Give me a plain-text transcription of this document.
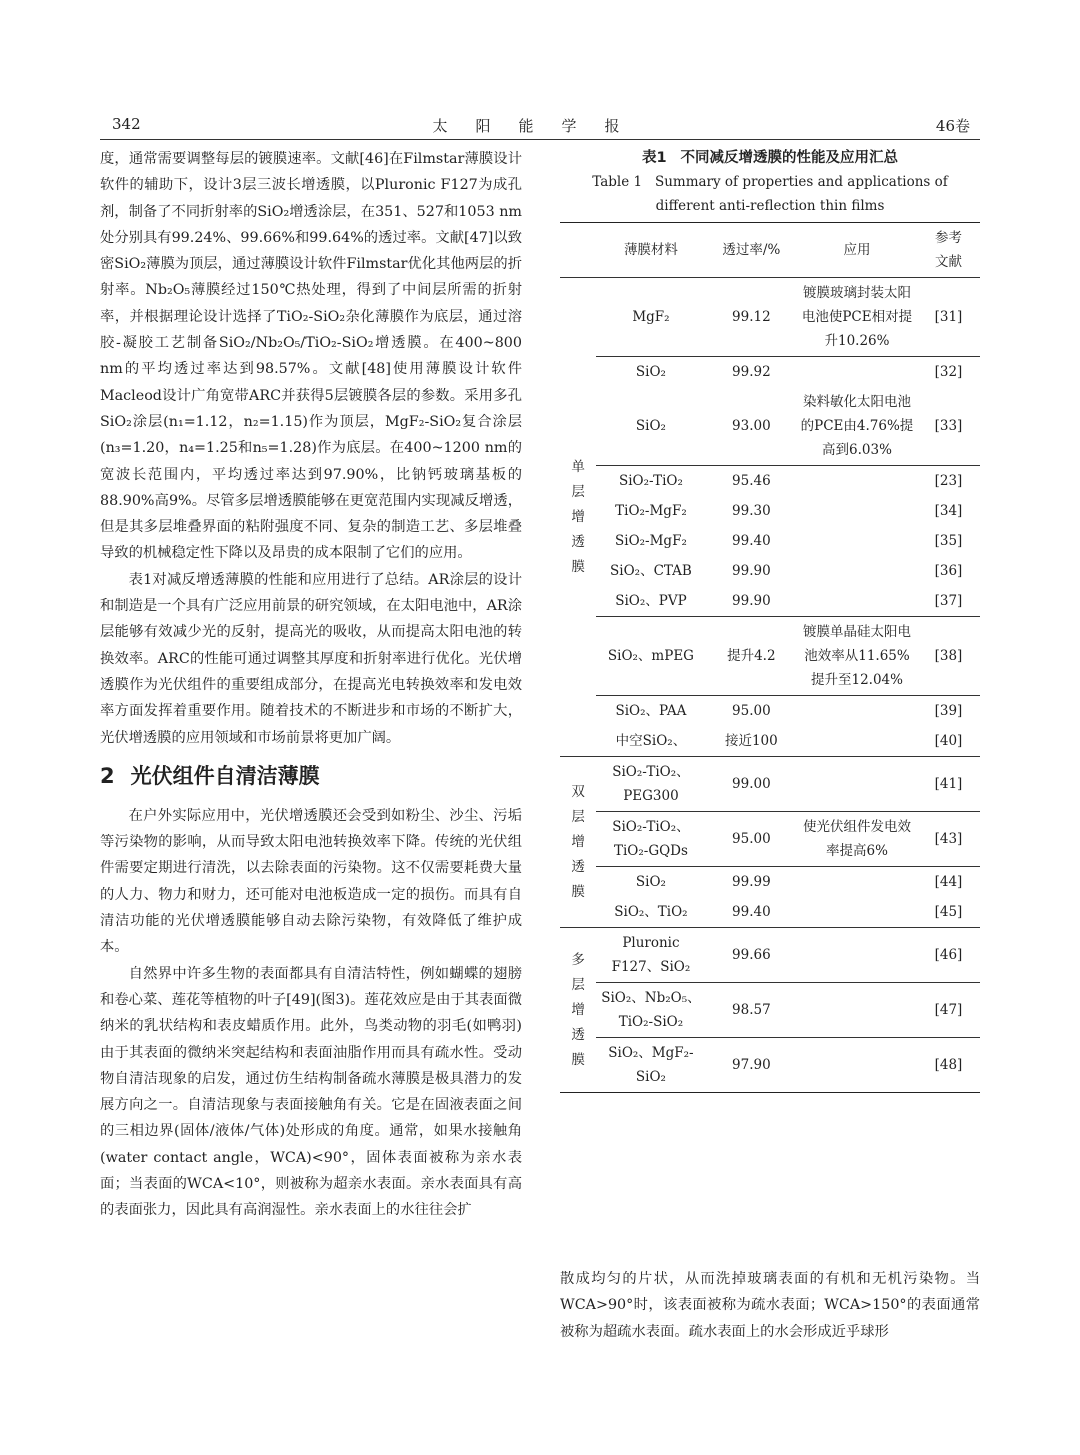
342	太阳能学报	46卷

度，通常需要调整每层的镀膜速率。文献[46]在Filmstar薄膜设计软件的辅助下，设计3层三波长增透膜，以Pluronic F127为成孔剂，制备了不同折射率的SiO₂增透涂层，在351、527和1053 nm处分别具有99.24%、99.66%和99.64%的透过率。文献[47]以致密SiO₂薄膜为顶层，通过薄膜设计软件Filmstar优化其他两层的折射率。Nb₂O₅薄膜经过150℃热处理，得到了中间层所需的折射率，并根据理论设计选择了TiO₂-SiO₂杂化薄膜作为底层，通过溶胶-凝胶工艺制备SiO₂/Nb₂O₅/TiO₂-SiO₂增透膜。在400~800 nm的平均透过率达到98.57%。文献[48]使用薄膜设计软件Macleod设计广角宽带ARC并获得5层镀膜各层的参数。采用多孔SiO₂涂层(n₁=1.12，n₂=1.15)作为顶层，MgF₂-SiO₂复合涂层(n₃=1.20，n₄=1.25和n₅=1.28)作为底层。在400~1200 nm的宽波长范围内，平均透过率达到97.90%，比钠钙玻璃基板的88.90%高9%。尽管多层增透膜能够在更宽范围内实现减反增透，但是其多层堆叠界面的粘附强度不同、复杂的制造工艺、多层堆叠导致的机械稳定性下降以及昂贵的成本限制了它们的应用。

表1对减反增透薄膜的性能和应用进行了总结。AR涂层的设计和制造是一个具有广泛应用前景的研究领域，在太阳电池中，AR涂层能够有效减少光的反射，提高光的吸收，从而提高太阳电池的转换效率。ARC的性能可通过调整其厚度和折射率进行优化。光伏增透膜作为光伏组件的重要组成部分，在提高光电转换效率和发电效率方面发挥着重要作用。随着技术的不断进步和市场的不断扩大，光伏增透膜的应用领域和市场前景将更加广阔。

2 光伏组件自清洁薄膜

在户外实际应用中，光伏增透膜还会受到如粉尘、沙尘、污垢等污染物的影响，从而导致太阳电池转换效率下降。传统的光伏组件需要定期进行清洗，以去除表面的污染物。这不仅需要耗费大量的人力、物力和财力，还可能对电池板造成一定的损伤。而具有自清洁功能的光伏增透膜能够自动去除污染物，有效降低了维护成本。

自然界中许多生物的表面都具有自清洁特性，例如蝴蝶的翅膀和卷心菜、莲花等植物的叶子[49](图3)。莲花效应是由于其表面微纳米的乳状结构和表皮蜡质作用。此外，鸟类动物的羽毛(如鸭羽)由于其表面的微纳米突起结构和表面油脂作用而具有疏水性。受动物自清洁现象的启发，通过仿生结构制备疏水薄膜是极具潜力的发展方向之一。自清洁现象与表面接触角有关。它是在固液表面之间的三相边界(固体/液体/气体)处形成的角度。通常，如果水接触角(water contact angle，WCA)<90°，固体表面被称为亲水表面；当表面的WCA<10°，则被称为超亲水表面。亲水表面具有高的表面张力，因此具有高润湿性。亲水表面上的水往往会扩

表1 不同减反增透膜的性能及应用汇总
Table 1 Summary of properties and applications of
different anti-reflection thin films
	薄膜材料	透过率/%	应用	参考
文献

单层增透膜	MgF₂	99.12	镀膜玻璃封装太阳电池使PCE相对提升10.26%	[31]
	SiO₂	99.92		[32]
	SiO₂	93.00	染料敏化太阳电池的PCE由4.76%提高到6.03%	[33]
	SiO₂-TiO₂	95.46		[23]
	TiO₂-MgF₂	99.30		[34]
	SiO₂-MgF₂	99.40		[35]
	SiO₂、CTAB	99.90		[36]
	SiO₂、PVP	99.90		[37]
	SiO₂、mPEG	提升4.2	镀膜单晶硅太阳电池效率从11.65%提升至12.04%	[38]
	SiO₂、PAA	95.00		[39]
	中空SiO₂、	接近100		[40]

双层增透膜	SiO₂-TiO₂、PEG300	99.00		[41]
	SiO₂-TiO₂、TiO₂-GQDs	95.00	使光伏组件发电效率提高6%	[43]
	SiO₂	99.99		[44]
	SiO₂、TiO₂	99.40		[45]

多层增透膜	Pluronic F127、SiO₂	99.66		[46]
	SiO₂、Nb₂O₅、TiO₂-SiO₂	98.57		[47]
	SiO₂、MgF₂-SiO₂	97.90		[48]

散成均匀的片状，从而洗掉玻璃表面的有机和无机污染物。当WCA>90°时，该表面被称为疏水表面；WCA>150°的表面通常被称为超疏水表面。疏水表面上的水会形成近乎球形
